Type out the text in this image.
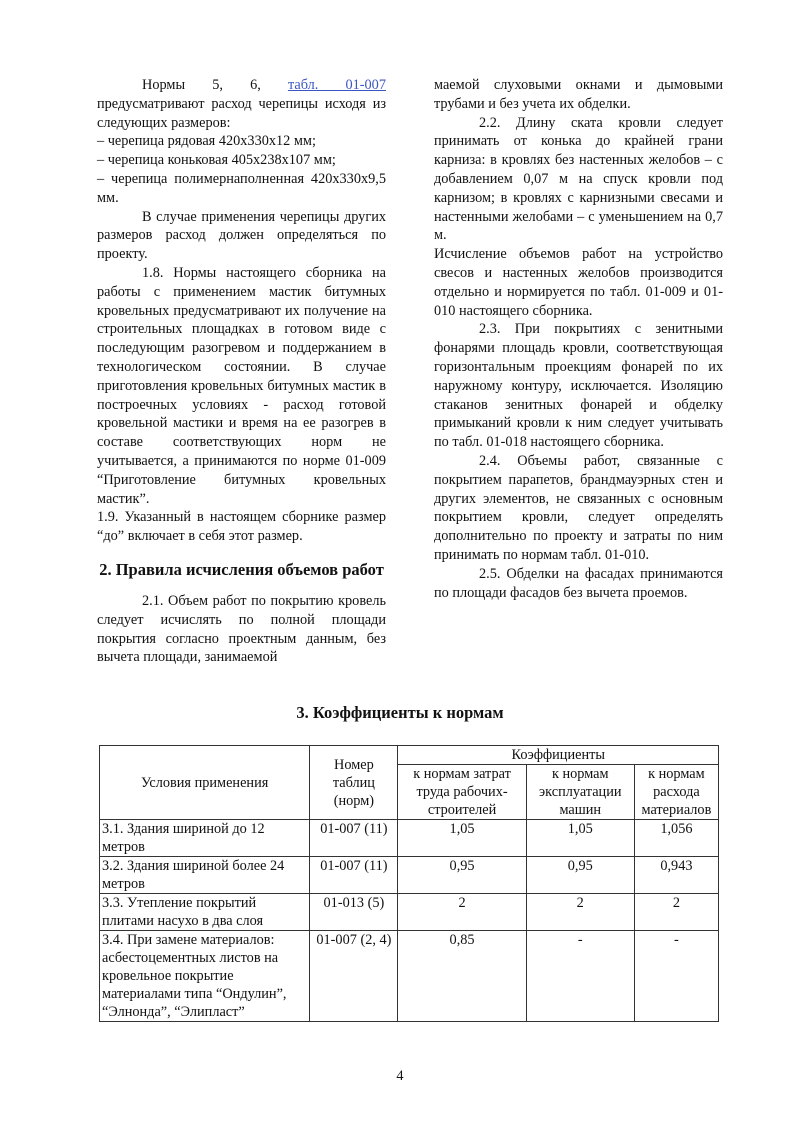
Нормы 5, 6, табл. 01-007 предусматривают расход черепицы исходя из следующих размеров:

– черепица рядовая 420х330х12 мм;

– черепица коньковая 405х238х107 мм;

– черепица полимернаполненная 420х330х9,5 мм.

В случае применения черепицы других размеров расход должен определяться по проекту.

1.8. Нормы настоящего сборника на работы с применением мастик битумных кровельных предусматривают их получение на строительных площадках в готовом виде с последующим разогревом и поддержанием в технологическом состоянии. В случае приготовления кровельных битумных мастик в построечных условиях - расход готовой кровельной мастики и время на ее разогрев в составе соответствующих норм не учитывается, а принимаются по норме 01-009 “Приготовление битумных кровельных мастик”.

1.9. Указанный в настоящем сборнике размер “до” включает в себя этот размер.

2. Правила исчисления объемов работ

2.1. Объем работ по покрытию кровель следует исчислять по полной площади покрытия согласно проектным данным, без вычета площади, занимаемой

маемой слуховыми окнами и дымовыми трубами и без учета их обделки.

2.2. Длину ската кровли следует принимать от конька до крайней грани карниза: в кровлях без настенных желобов – с добавлением 0,07 м на спуск кровли под карнизом; в кровлях с карнизными свесами и настенными желобами – с уменьшением на 0,7 м.

Исчисление объемов работ на устройство свесов и настенных желобов производится отдельно и нормируется по табл. 01-009 и 01-010 настоящего сборника.

2.3. При покрытиях с зенитными фонарями площадь кровли, соответствующая горизонтальным проекциям фонарей по их наружному контуру, исключается. Изоляцию стаканов зенитных фонарей и обделку примыканий кровли к ним следует учитывать по табл. 01-018 настоящего сборника.

2.4. Объемы работ, связанные с покрытием парапетов, брандмауэрных стен и других элементов, не связанных с основным покрытием кровли, следует определять дополнительно по проекту и затраты по ним принимать по нормам табл. 01-010.

2.5. Обделки на фасадах принимаются по площади фасадов без вычета проемов.

3. Коэффициенты к нормам
Условия применения	Номер таблиц (норм)	Коэффициенты		
		к нормам затрат труда рабочих-строителей	к нормам эксплуатации машин	к нормам расхода материалов
3.1. Здания шириной до 12 метров	01-007 (11)	1,05	1,05	1,056
3.2. Здания шириной более 24 метров	01-007 (11)	0,95	0,95	0,943
3.3. Утепление покрытий плитами насухо в два слоя	01-013 (5)	2	2	2
3.4. При замене материалов: асбестоцементных листов на кровельное покрытие материалами типа “Ондулин”, “Элнонда”, “Элипласт”	01-007 (2, 4)	0,85	-	-
4
